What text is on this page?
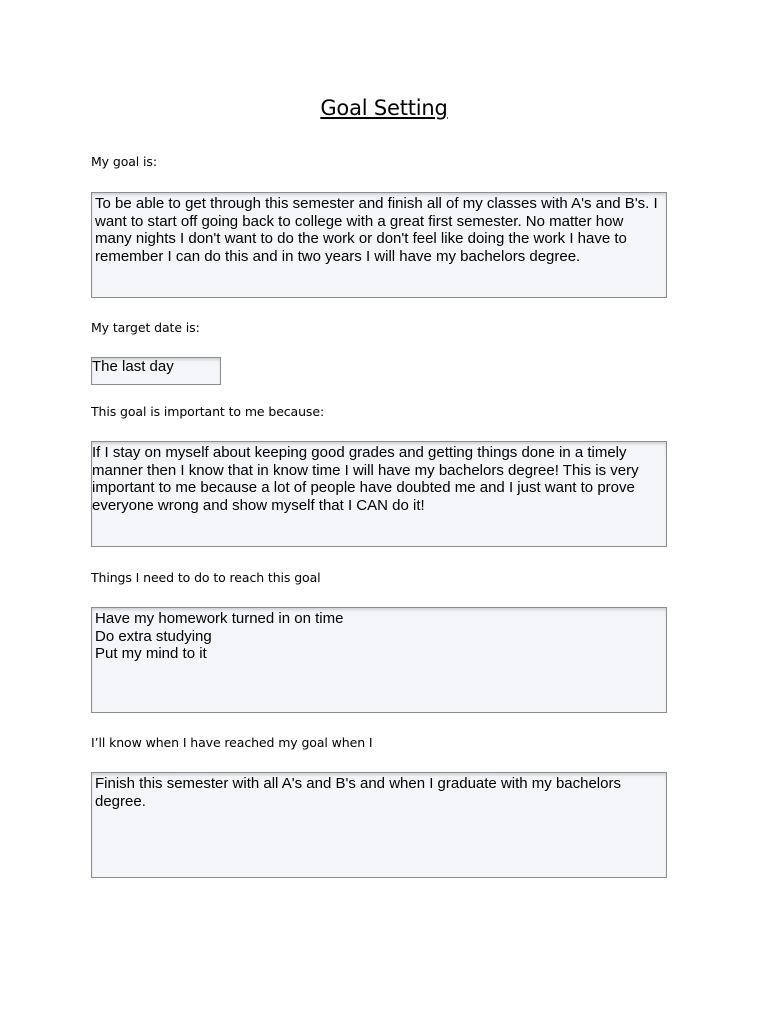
Goal Setting
My goal is:
To be able to get through this semester and finish all of my classes with A's and B's. I want to start off going back to college with a great first semester. No matter how many nights I don't want to do the work or don't feel like doing the work I have to remember I can do this and in two years I will have my bachelors degree.
My target date is:
The last day
This goal is important to me because:
If I stay on myself about keeping good grades and getting things done in a timely manner then I know that in know time I will have my bachelors degree! This is very important to me because a lot of people have doubted me and I just want to prove everyone wrong and show myself that I CAN do it!
Things I need to do to reach this goal
Have my homework turned in on time
Do extra studying
Put my mind to it
I’ll know when I have reached my goal when I
Finish this semester with all A's and B's and when I graduate with my bachelors degree.
